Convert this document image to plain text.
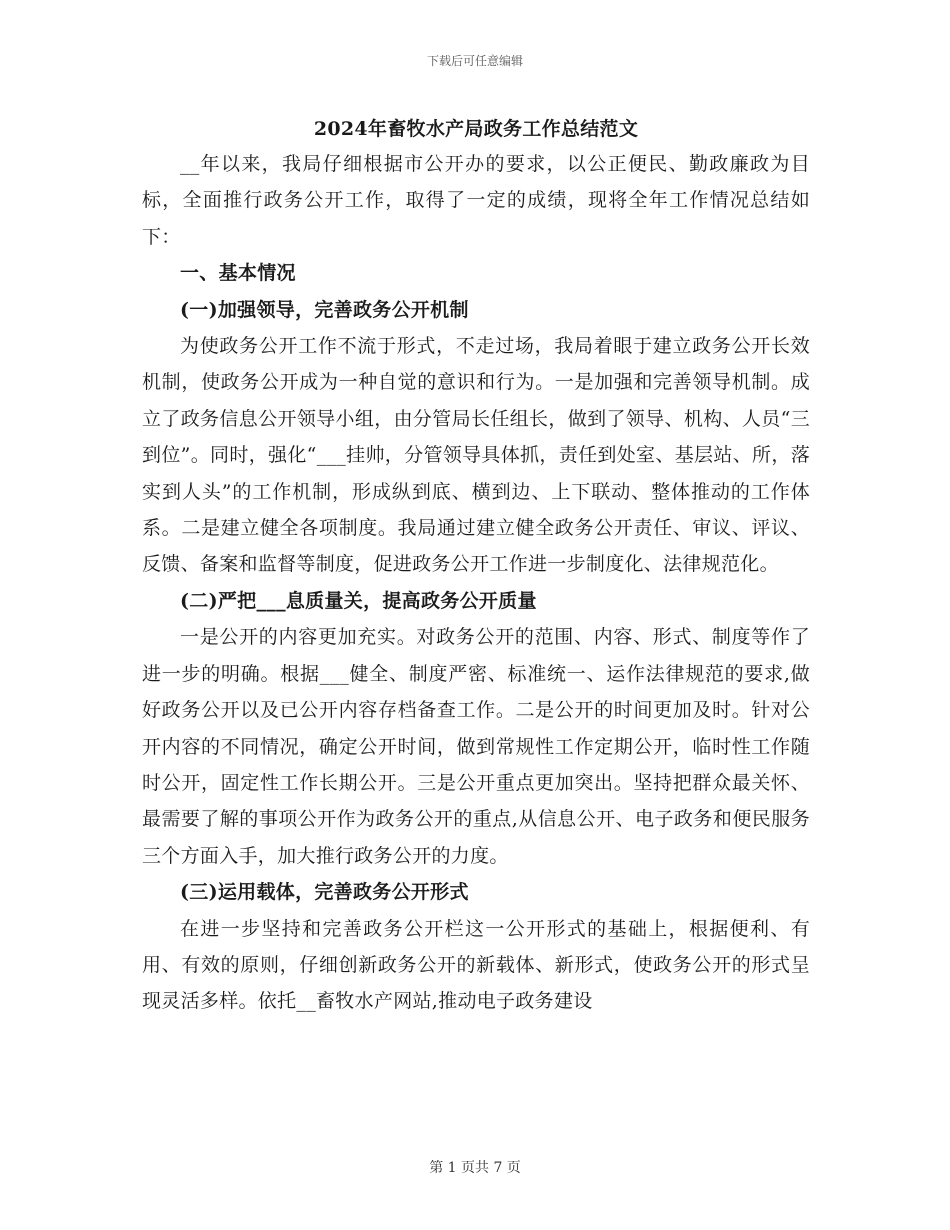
下载后可任意编辑
2024年畜牧水产局政务工作总结范文

__年以来，我局仔细根据市公开办的要求，以公正便民、勤政廉政为目标，全面推行政务公开工作，取得了一定的成绩，现将全年工作情况总结如下：

一、基本情况

(一)加强领导，完善政务公开机制

为使政务公开工作不流于形式，不走过场，我局着眼于建立政务公开长效机制，使政务公开成为一种自觉的意识和行为。一是加强和完善领导机制。成立了政务信息公开领导小组，由分管局长任组长，做到了领导、机构、人员“三到位”。同时，强化“___挂帅，分管领导具体抓，责任到处室、基层站、所，落实到人头”的工作机制，形成纵到底、横到边、上下联动、整体推动的工作体系。二是建立健全各项制度。我局通过建立健全政务公开责任、审议、评议、反馈、备案和监督等制度，促进政务公开工作进一步制度化、法律规范化。

(二)严把___息质量关，提高政务公开质量

一是公开的内容更加充实。对政务公开的范围、内容、形式、制度等作了进一步的明确。根据___健全、制度严密、标准统一、运作法律规范的要求,做好政务公开以及已公开内容存档备查工作。二是公开的时间更加及时。针对公开内容的不同情况，确定公开时间，做到常规性工作定期公开，临时性工作随时公开，固定性工作长期公开。三是公开重点更加突出。坚持把群众最关怀、最需要了解的事项公开作为政务公开的重点,从信息公开、电子政务和便民服务三个方面入手，加大推行政务公开的力度。

(三)运用载体，完善政务公开形式

在进一步坚持和完善政务公开栏这一公开形式的基础上，根据便利、有用、有效的原则，仔细创新政务公开的新载体、新形式，使政务公开的形式呈现灵活多样。依托__畜牧水产网站,推动电子政务建设

第 1 页共 7 页
